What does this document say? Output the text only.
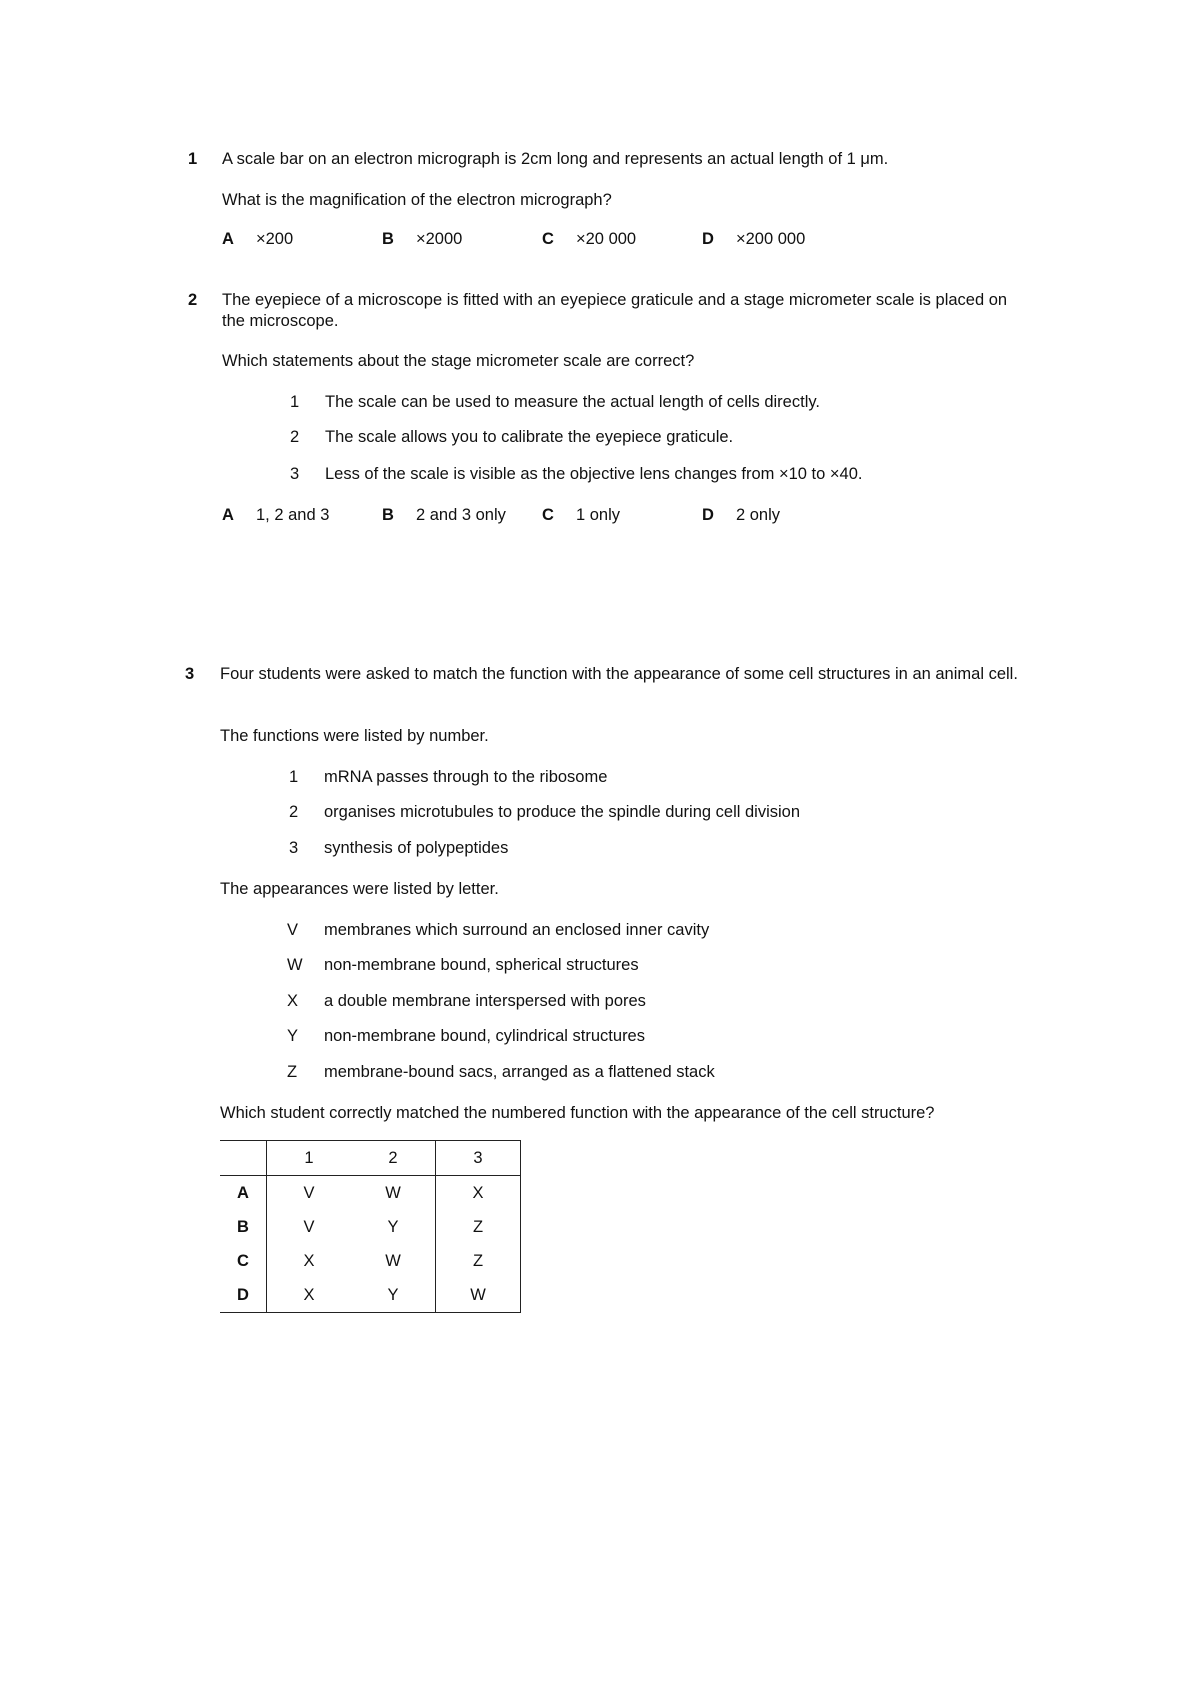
1 A scale bar on an electron micrograph is 2cm long and represents an actual length of 1 μm.
What is the magnification of the electron micrograph?
A ×200	B ×2000	C ×20 000	D ×200 000
2 The eyepiece of a microscope is fitted with an eyepiece graticule and a stage micrometer scale is placed on the microscope.
Which statements about the stage micrometer scale are correct?
1 The scale can be used to measure the actual length of cells directly.
2 The scale allows you to calibrate the eyepiece graticule.
3 Less of the scale is visible as the objective lens changes from ×10 to ×40.
A 1, 2 and 3	B 2 and 3 only C 1 only	D 2 only
3 Four students were asked to match the function with the appearance of some cell structures in an animal cell.
The functions were listed by number.
1 mRNA passes through to the ribosome
2 organises microtubules to produce the spindle during cell division
3 synthesis of polypeptides
The appearances were listed by letter.
V membranes which surround an enclosed inner cavity
W non-membrane bound, spherical structures
X a double membrane interspersed with pores
Y non-membrane bound, cylindrical structures
Z membrane-bound sacs, arranged as a flattened stack
Which student correctly matched the numbered function with the appearance of the cell structure?
	1	2	3
A	V	W	X
B	V	Y	Z
C	X	W	Z
D	X	Y	W
